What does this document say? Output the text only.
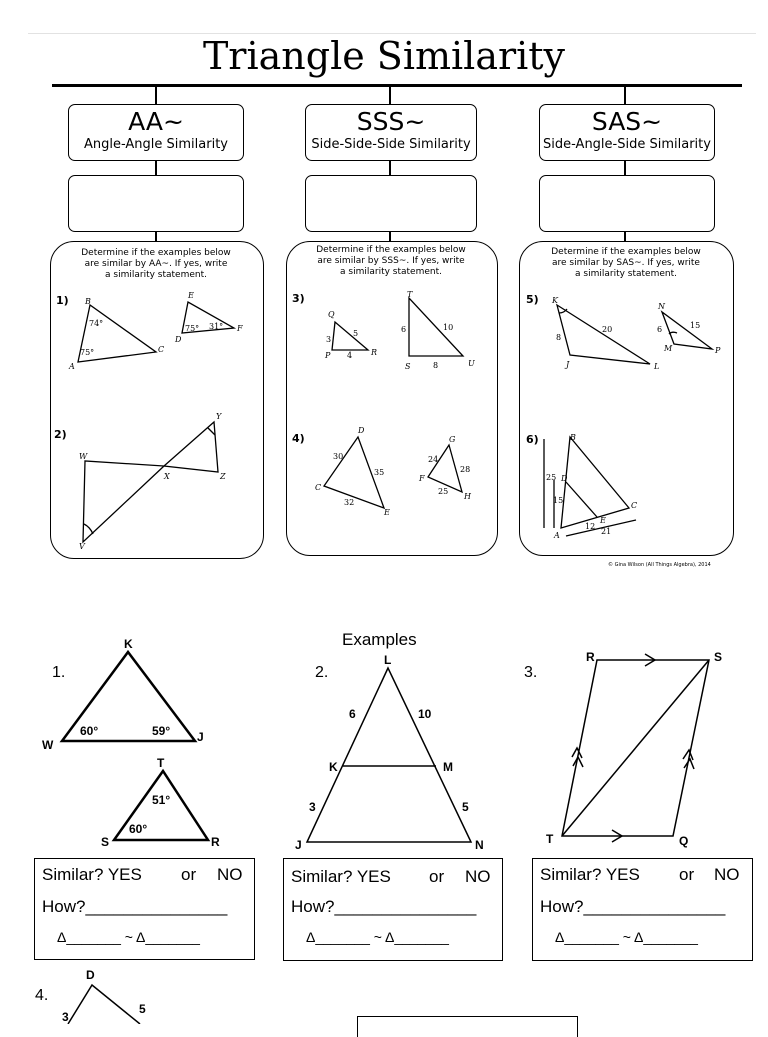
Triangle Similarity
AA~
Angle-Angle Similarity
SSS~
Side-Side-Side Similarity
SAS~
Side-Angle-Side Similarity
Determine if the examples below
are similar by AA~. If yes, write
a similarity statement.
Determine if the examples below
are similar by SSS~. If yes, write
a similarity statement.
Determine if the examples below
are similar by SAS~. If yes, write
a similarity statement.
1)
2)
3)
4)
5)
6)
B
A
C
74°
75°
E
D
F
75° 31°
W
V
X
Y
Z
Q
P	R
3
5
4
T
S	U
6	10
8
D
C
E
30
35
32
G
F
H
24
28
25
K
J	L
8
20
N
M	P
6	15
B
D
C
A
E
25
15
12
21
© Gina Wilson (All Things Algebra), 2014
Examples
1.	2.	3.
4.
K
W
J
60°	59°
T
51°
60°
S	R
L
6	10
K	M
3	5
J	N
R	S
T	Q
D
3
5
Similar? YES or NO
How?_______________
Δ_______ ~ Δ_______
Similar? YES or NO
How?_______________
Δ_______ ~ Δ_______
Similar? YES or NO
How?_______________
Δ_______ ~ Δ_______
